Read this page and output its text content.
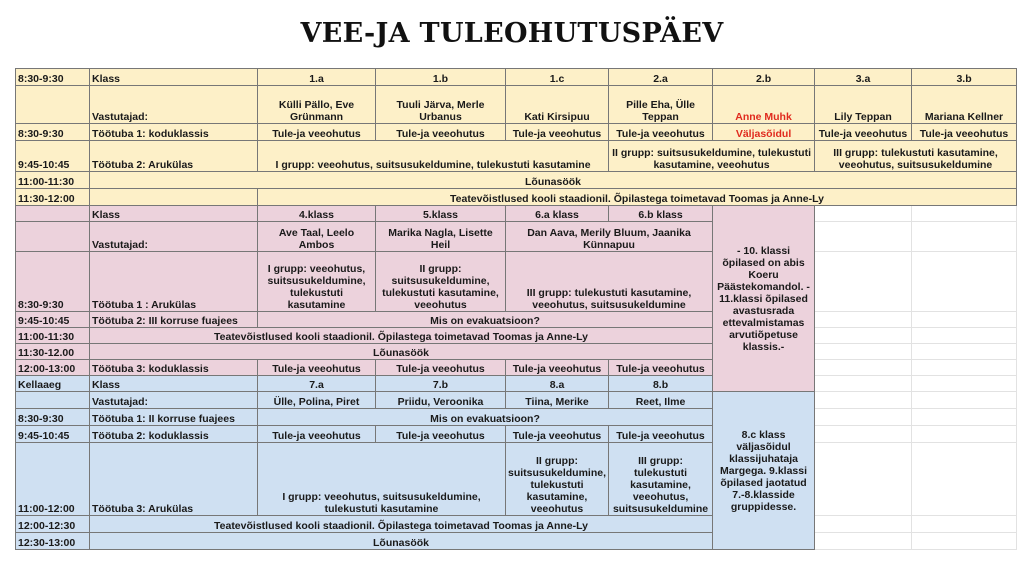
VEE-JA TULEOHUTUSPÄEV
8:30-9:30	Klass	1.a	1.b	1.c	2.a	2.b	3.a	3.b
	Vastutajad:	Külli Pällo, Eve Grünmann	Tuuli Järva, Merle Urbanus	Kati Kirsipuu	Pille Eha, Ülle Teppan	Anne Muhk	Lily Teppan	Mariana Kellner
8:30-9:30	Töötuba 1: koduklassis	Tule-ja veeohutus	Tule-ja veeohutus	Tule-ja veeohutus	Tule-ja veeohutus	Väljasõidul	Tule-ja veeohutus	Tule-ja veeohutus
9:45-10:45	Töötuba 2: Arukülas	I grupp: veeohutus, suitsusukeldumine, tulekustuti kasutamine			II grupp: suitsusukeldumine, tulekustuti kasutamine, veeohutus		III grupp: tulekustuti kasutamine, veeohutus, suitsusukeldumine	
11:00-11:30	Lõunasöök							
11:30-12:00		Teatevõistlused kooli staadionil. Õpilastega toimetavad Toomas ja Anne-Ly						
	Klass	4.klass	5.klass	6.a klass	6.b klass	- 10. klassi õpilased on abis Koeru Päästekomandol. - 11.klassi õpilased avastusrada ettevalmistamas arvutiõpetuse klassis.-		
	Vastutajad:	Ave Taal, Leelo Ambos	Marika Nagla, Lisette Heil	Dan Aava, Merily Bluum, Jaanika Künnapuu				
8:30-9:30	Töötuba 1 : Arukülas	I grupp: veeohutus, suitsusukeldumine, tulekustuti kasutamine	II grupp: suitsusukeldumine, tulekustuti kasutamine, veeohutus	III grupp: tulekustuti kasutamine, veeohutus, suitsusukeldumine				
9:45-10:45	Töötuba 2: III korruse fuajees	Mis on evakuatsioon?						
11:00-11:30	Teatevõistlused kooli staadionil. Õpilastega toimetavad Toomas ja Anne-Ly							
11:30-12.00	Lõunasöök							
12:00-13:00	Töötuba 3: koduklassis	Tule-ja veeohutus	Tule-ja veeohutus	Tule-ja veeohutus	Tule-ja veeohutus			
Kellaaeg	Klass	7.a	7.b	8.a	8.b			
	Vastutajad:	Ülle, Polina, Piret	Priidu, Veroonika	Tiina, Merike	Reet, Ilme	8.c klass väljasõidul klassijuhataja Margega. 9.klassi õpilased jaotatud 7.-8.klasside gruppidesse.		
8:30-9:30	Töötuba 1: II korruse fuajees	Mis on evakuatsioon?						
9:45-10:45	Töötuba 2: koduklassis	Tule-ja veeohutus	Tule-ja veeohutus	Tule-ja veeohutus	Tule-ja veeohutus			
11:00-12:00	Töötuba 3: Arukülas	I grupp: veeohutus, suitsusukeldumine, tulekustuti kasutamine		II grupp: suitsusukeldumine, tulekustuti kasutamine, veeohutus	III grupp: tulekustuti kasutamine, veeohutus, suitsusukeldumine			
12:00-12:30	Teatevõistlused kooli staadionil. Õpilastega toimetavad Toomas ja Anne-Ly							
12:30-13:00	Lõunasöök							
